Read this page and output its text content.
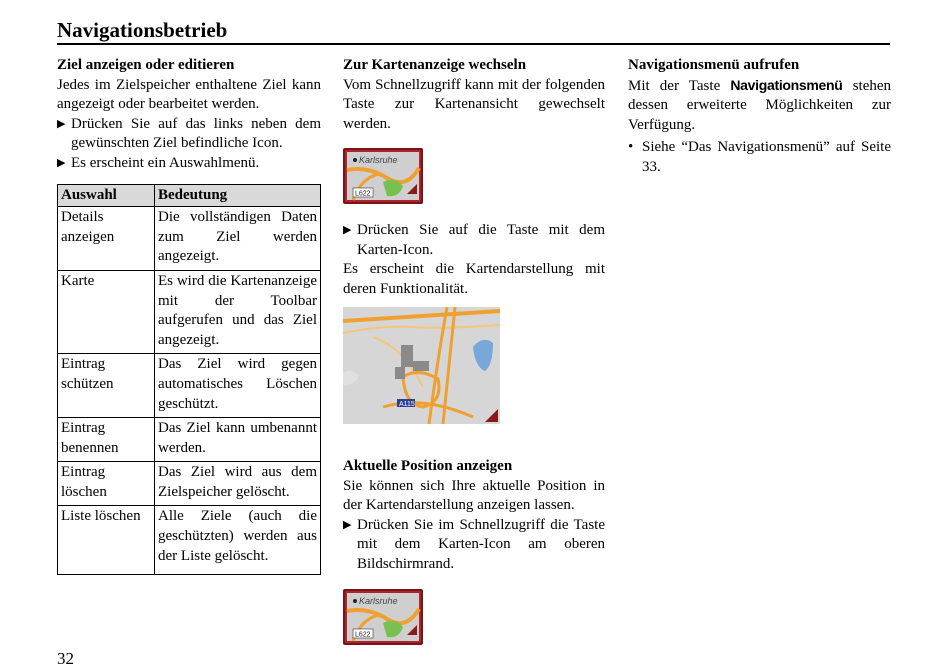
Navigationsbetrieb
Ziel anzeigen oder editieren

Jedes im Zielspeicher enthaltene Ziel kann angezeigt oder bearbeitet werden.

▶ Drücken Sie auf das links neben dem gewünschten Ziel befindliche Icon.

▶ Es erscheint ein Auswahlmenü.

Auswahl	Bedeutung
Details anzeigen	Die vollständigen Daten zum Ziel werden angezeigt.
Karte	Es wird die Kartenanzeige mit der Toolbar aufgerufen und das Ziel angezeigt.
Eintrag schützen	Das Ziel wird gegen automatisches Löschen geschützt.
Eintrag benennen	Das Ziel kann umbenannt werden.
Eintrag löschen	Das Ziel wird aus dem Zielspeicher gelöscht.
Liste löschen	Alle Ziele (auch die geschützten) werden aus der Liste gelöscht.
Zur Kartenanzeige wechseln

Vom Schnellzugriff kann mit der folgenden Taste zur Kartenansicht gewechselt werden.

Karlsruhe
L622

▶ Drücken Sie auf die Taste mit dem Karten-Icon.

Es erscheint die Kartendarstellung mit deren Funktionalität.

A115
Aktuelle Position anzeigen

Sie können sich Ihre aktuelle Position in der Kartendarstellung anzeigen lassen.

▶ Drücken Sie im Schnellzugriff die Taste mit dem Karten-Icon am oberen Bildschirmrand.

Karlsruhe
L622
Navigationsmenü aufrufen

Mit der Taste Navigationsmenü stehen dessen erweiterte Möglichkeiten zur Verfügung.

• Siehe “Das Navigationsmenü” auf Seite 33.

32
